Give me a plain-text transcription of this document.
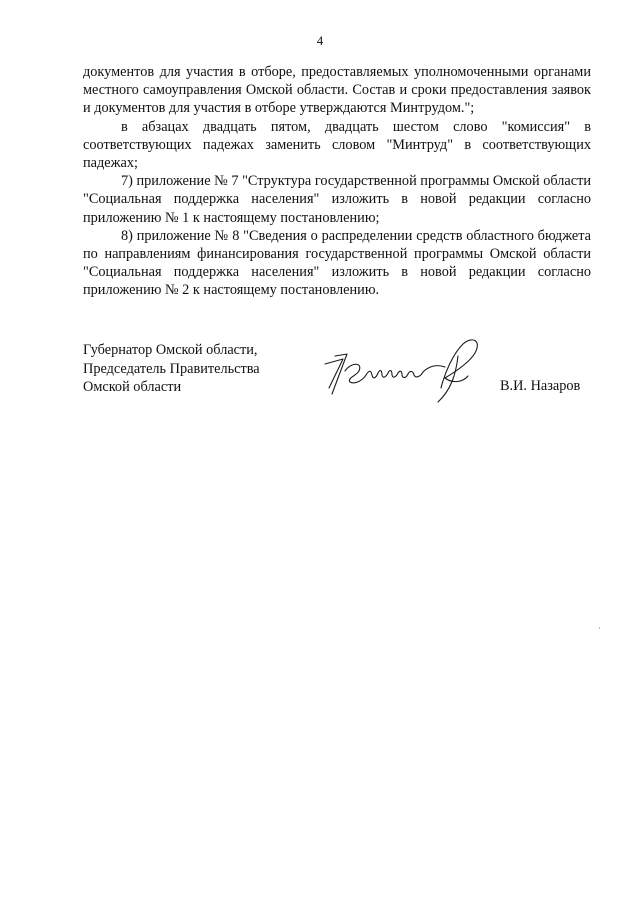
4

документов для участия в отборе, предоставляемых уполномоченными органами местного самоуправления Омской области. Состав и сроки предоставления заявок и документов для участия в отборе утверждаются Минтрудом.";

в абзацах двадцать пятом, двадцать шестом слово "комиссия" в соответствующих падежах заменить словом "Минтруд" в соответствующих падежах;

7) приложение № 7 "Структура государственной программы Омской области "Социальная поддержка населения" изложить в новой редакции согласно приложению № 1 к настоящему постановлению;

8) приложение № 8 "Сведения о распределении средств областного бюджета по направлениям финансирования государственной программы Омской области "Социальная поддержка населения" изложить в новой редакции согласно приложению № 2 к настоящему постановлению.

Губернатор Омской области,
Председатель Правительства
Омской области	В.И. Назаров
